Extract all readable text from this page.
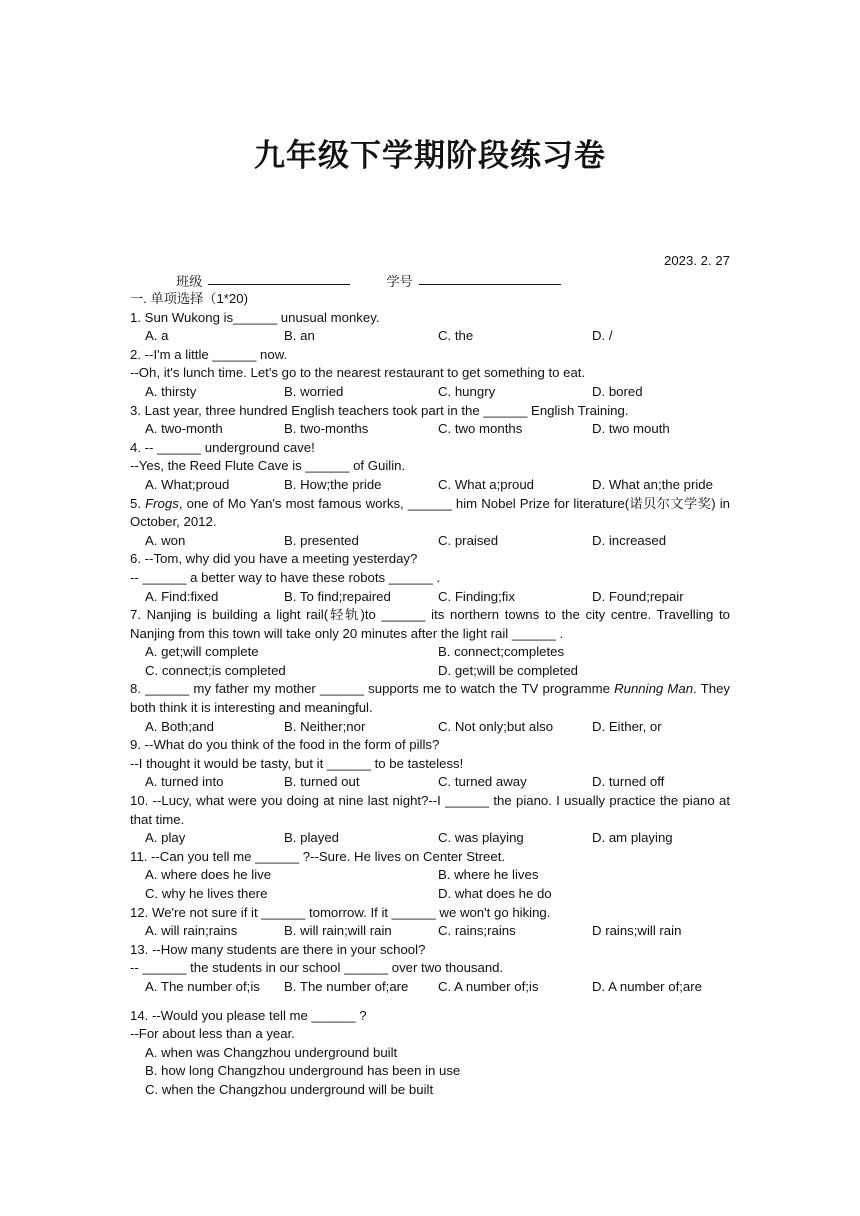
九年级下学期阶段练习卷
2023. 2. 27
班级	学号
一. 单项选择（1*20)
1. Sun Wukong is______ unusual monkey.
A. a	B. an	C. the	D. /
2. --I'm a little ______ now.
--Oh, it's lunch time. Let's go to the nearest restaurant to get something to eat.
A. thirsty	B. worried	C. hungry	D. bored
3. Last year, three hundred English teachers took part in the ______ English Training.
A. two-month	B. two-months	C. two months	D. two mouth
4. -- ______ underground cave!
--Yes, the Reed Flute Cave is ______ of Guilin.
A. What;proud	B. How;the pride	C. What a;proud	D. What an;the pride
5. Frogs, one of Mo Yan's most famous works, ______ him Nobel Prize for literature(诺贝尔文学奖) in October, 2012.
A. won	B. presented	C. praised	D. increased
6. --Tom, why did you have a meeting yesterday?
-- ______ a better way to have these robots ______ .
A. Find:fixed	B. To find;repaired	C. Finding;fix	D. Found;repair
7. Nanjing is building a light rail(轻轨)to ______ its northern towns to the city centre. Travelling to Nanjing from this town will take only 20 minutes after the light rail ______ .
A. get;will complete	B. connect;completes
C. connect;is completed	D. get;will be completed
8. ______ my father my mother ______ supports me to watch the TV programme Running Man. They both think it is interesting and meaningful.
A. Both;and	B. Neither;nor	C. Not only;but also	D. Either, or
9. --What do you think of the food in the form of pills?
--I thought it would be tasty, but it ______ to be tasteless!
A. turned into	B. turned out	C. turned away	D. turned off
10. --Lucy, what were you doing at nine last night?--I ______ the piano. I usually practice the piano at that time.
A. play	B. played	C. was playing	D. am playing
11. --Can you tell me ______ ?--Sure. He lives on Center Street.
A. where does he live	B. where he lives
C. why he lives there	D. what does he do
12. We're not sure if it ______ tomorrow. If it ______ we won't go hiking.
A. will rain;rains	B. will rain;will rain	C. rains;rains	D rains;will rain
13. --How many students are there in your school?
-- ______ the students in our school ______ over two thousand.
A. The number of;is	B. The number of;are	C. A number of;is	D. A number of;are
14. --Would you please tell me ______ ?
--For about less than a year.
A. when was Changzhou underground built
B. how long Changzhou underground has been in use
C. when the Changzhou underground will be built
